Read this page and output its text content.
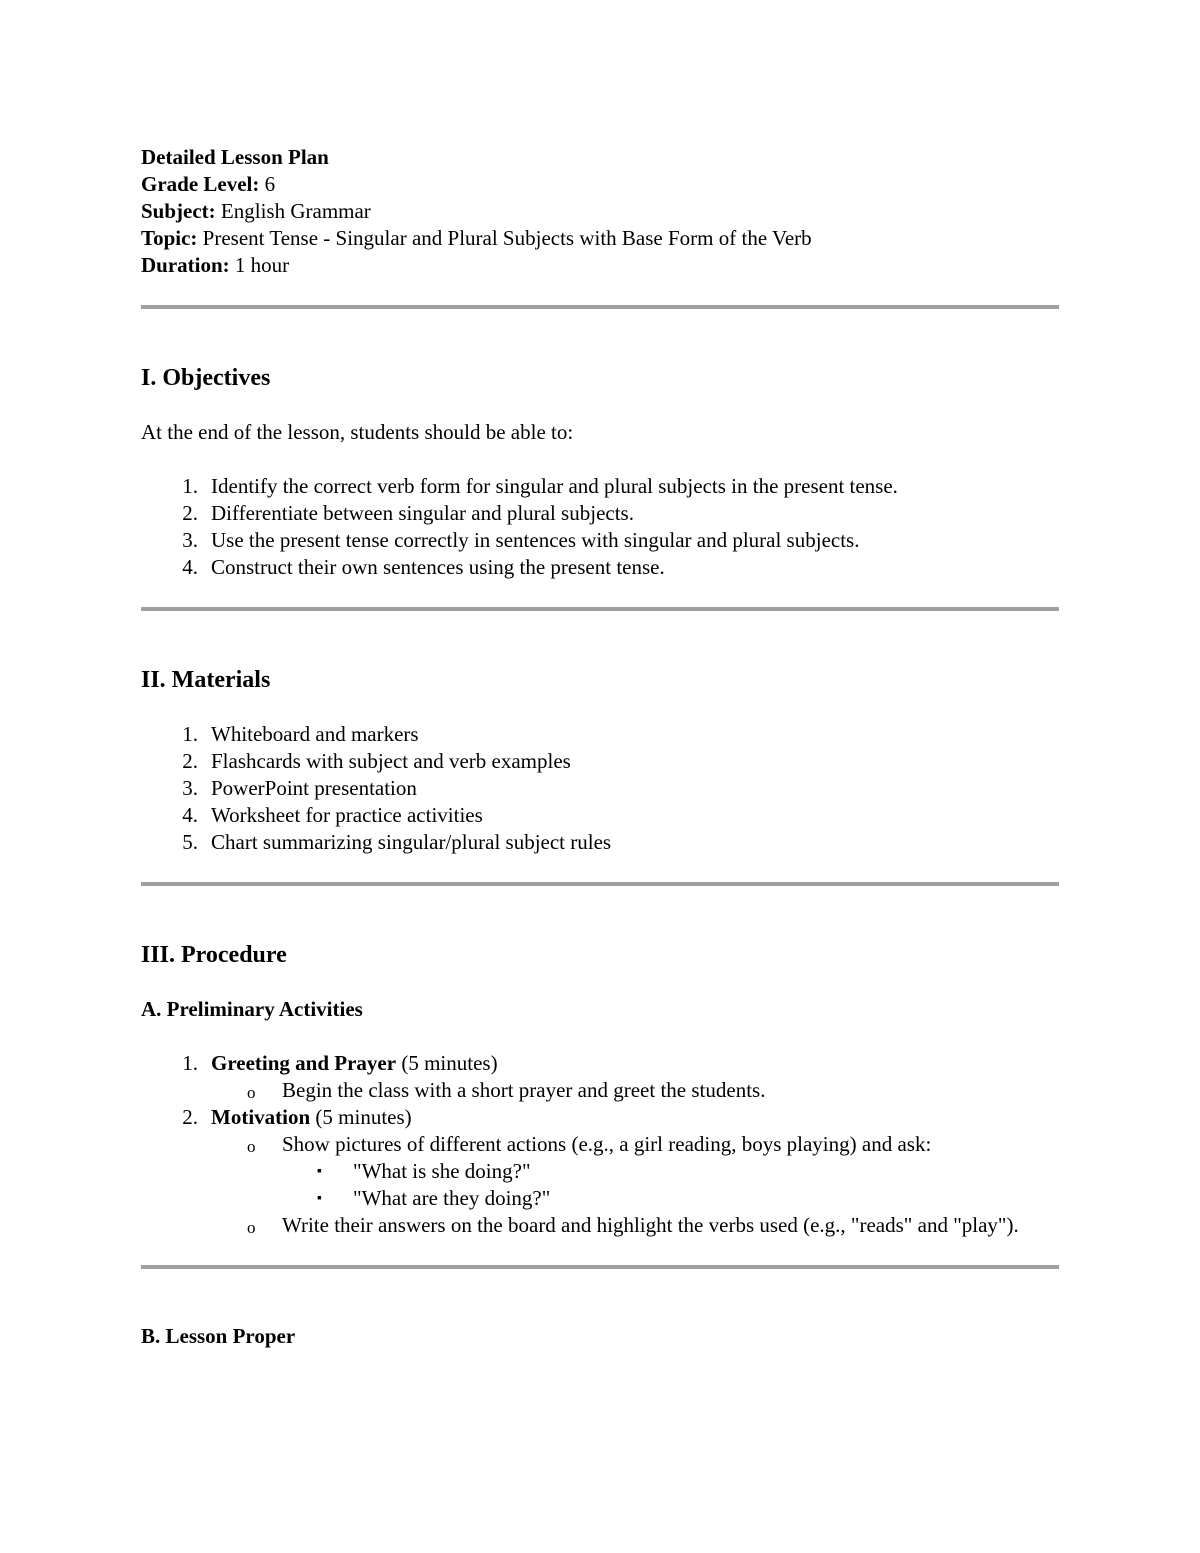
Detailed Lesson Plan
Grade Level: 6
Subject: English Grammar
Topic: Present Tense - Singular and Plural Subjects with Base Form of the Verb
Duration: 1 hour
I. Objectives

At the end of the lesson, students should be able to:

1. Identify the correct verb form for singular and plural subjects in the present tense.
2. Differentiate between singular and plural subjects.
3. Use the present tense correctly in sentences with singular and plural subjects.
4. Construct their own sentences using the present tense.
II. Materials
1. Whiteboard and markers
2. Flashcards with subject and verb examples
3. PowerPoint presentation
4. Worksheet for practice activities
5. Chart summarizing singular/plural subject rules
III. Procedure
A. Preliminary Activities
1. Greeting and Prayer (5 minutes)
o Begin the class with a short prayer and greet the students.
2. Motivation (5 minutes)
o Show pictures of different actions (e.g., a girl reading, boys playing) and ask:
▪ "What is she doing?"
▪ "What are they doing?"
o Write their answers on the board and highlight the verbs used (e.g., "reads" and "play").
B. Lesson Proper
